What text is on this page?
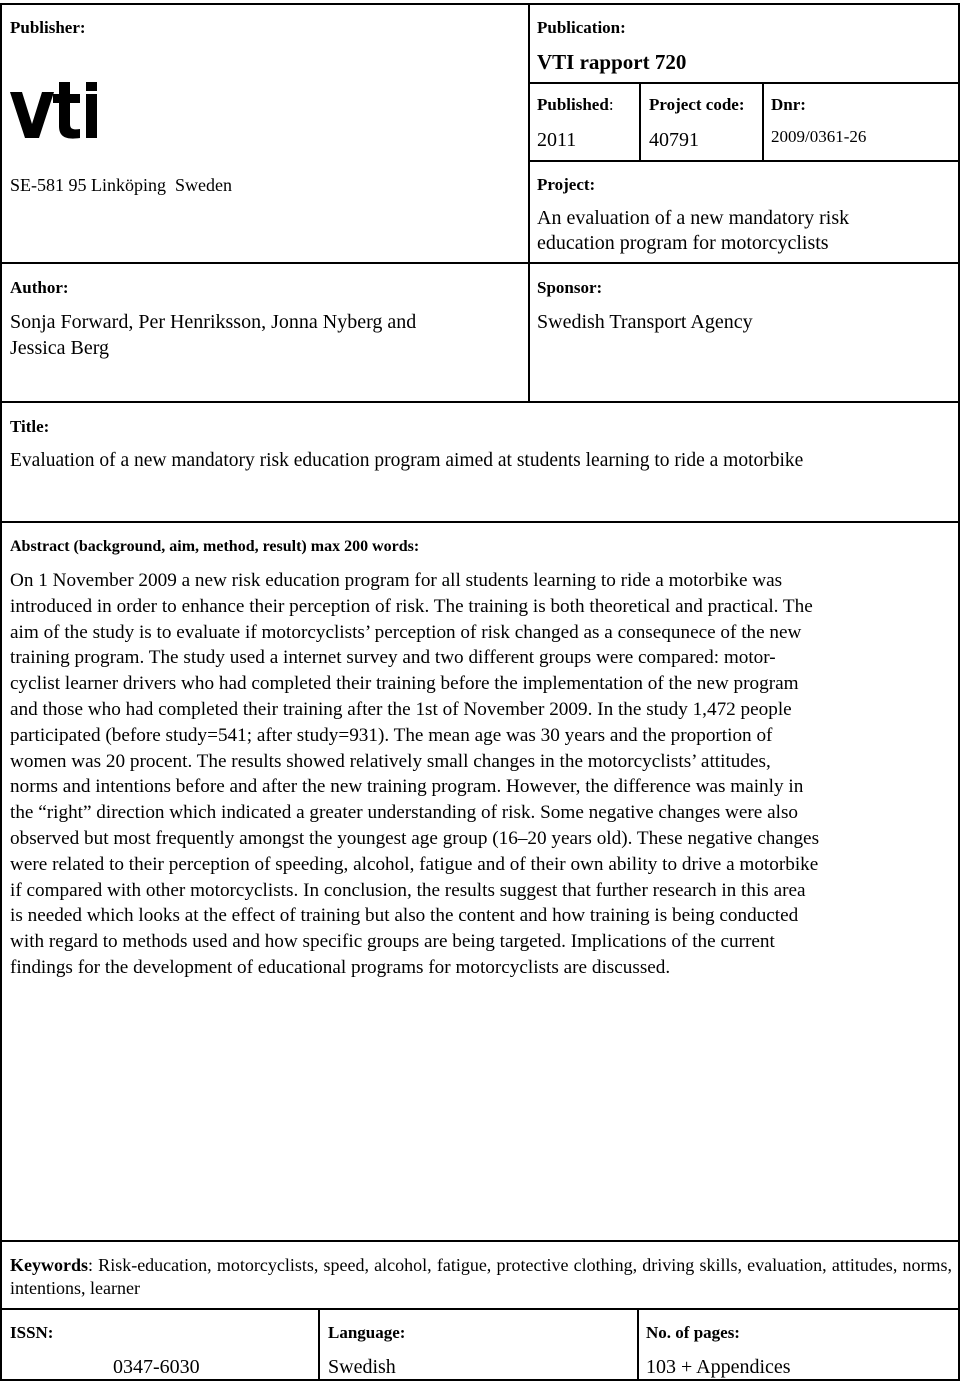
Publisher:
SE-581 95 Linköping  Sweden
Author:
Sonja Forward, Per Henriksson, Jonna Nyberg and
Jessica Berg
Publication:
VTI rapport 720
Published:
2011
Project code:
40791
Dnr:
2009/0361-26
Project:
An evaluation of a new mandatory risk
education program for motorcyclists
Sponsor:
Swedish Transport Agency
Title:
Evaluation of a new mandatory risk education program aimed at students learning to ride a motorbike
Abstract (background, aim, method, result) max 200 words:
On 1 November 2009 a new risk education program for all students learning to ride a motorbike was
introduced in order to enhance their perception of risk. The training is both theoretical and practical. The
aim of the study is to evaluate if motorcyclists’ perception of risk changed as a consequnece of the new
training program. The study used a internet survey and two different groups were compared: motor-
cyclist learner drivers who had completed their training before the implementation of the new program
and those who had completed their training after the 1st of November 2009. In the study 1,472 people
participated (before study=541; after study=931). The mean age was 30 years and the proportion of
women was 20 procent. The results showed relatively small changes in the motorcyclists’ attitudes,
norms and intentions before and after the new training program. However, the difference was mainly in
the “right” direction which indicated a greater understanding of risk. Some negative changes were also
observed but most frequently amongst the youngest age group (16–20 years old). These negative changes
were related to their perception of speeding, alcohol, fatigue and of their own ability to drive a motorbike
if compared with other motorcyclists. In conclusion, the results suggest that further research in this area
is needed which looks at the effect of training but also the content and how training is being conducted
with regard to methods used and how specific groups are being targeted. Implications of the current
findings for the development of educational programs for motorcyclists are discussed.
Keywords: Risk-education, motorcyclists, speed, alcohol, fatigue, protective clothing, driving skills, evaluation, attitudes, norms, intentions, learner
ISSN:
0347-6030
Language:
Swedish
No. of pages:
103 + Appendices
